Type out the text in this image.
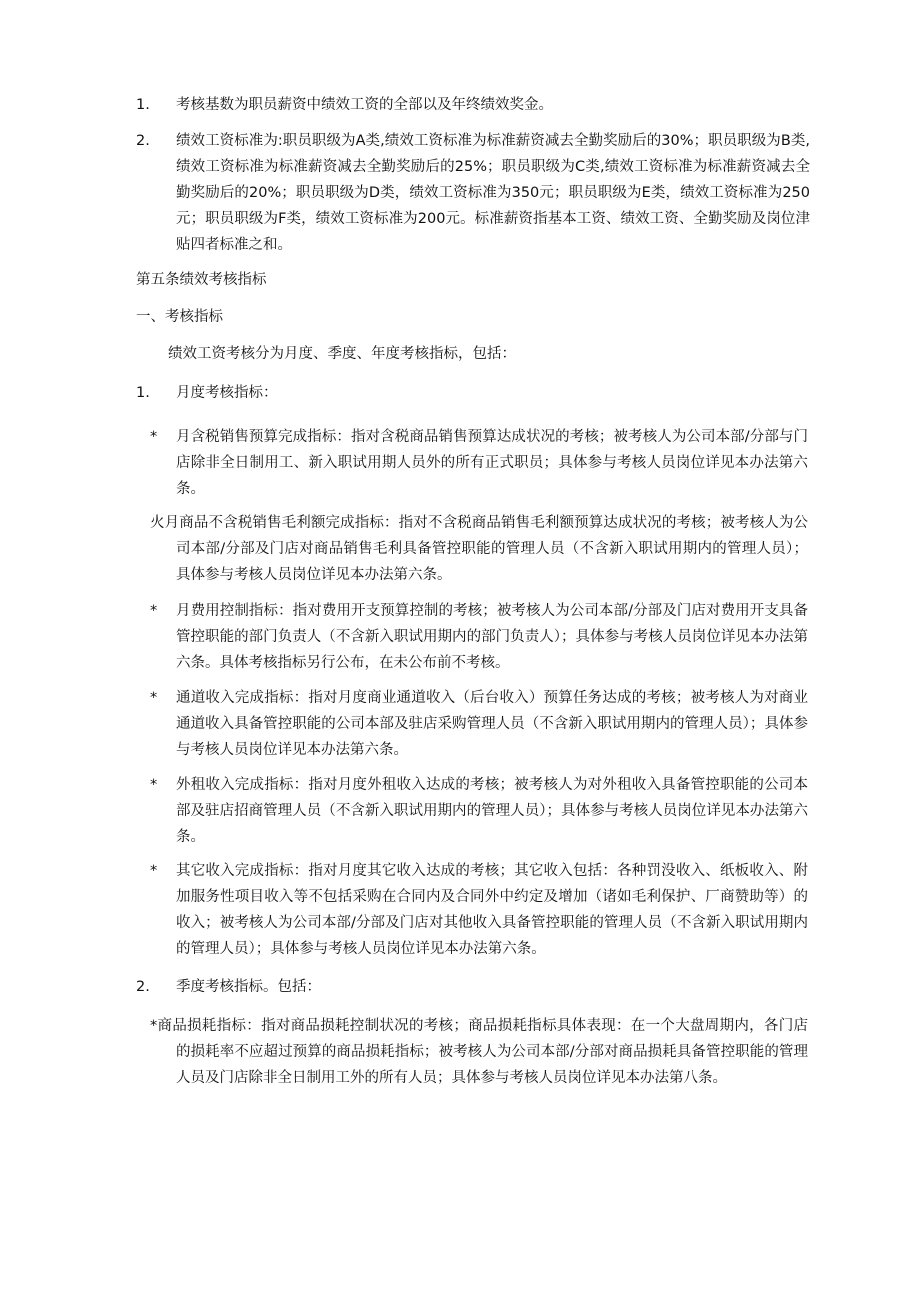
1. 考核基数为职员薪资中绩效工资的全部以及年终绩效奖金。
2. 绩效工资标准为:职员职级为A类,绩效工资标准为标准薪资减去全勤奖励后的30%；职员职级为B类,绩效工资标准为标准薪资减去全勤奖励后的25%；职员职级为C类,绩效工资标准为标准薪资减去全勤奖励后的20%；职员职级为D类，绩效工资标准为350元；职员职级为E类，绩效工资标准为250元；职员职级为F类，绩效工资标准为200元。标准薪资指基本工资、绩效工资、全勤奖励及岗位津贴四者标准之和。
第五条绩效考核指标
一、考核指标
绩效工资考核分为月度、季度、年度考核指标，包括：
1. 月度考核指标：
* 月含税销售预算完成指标：指对含税商品销售预算达成状况的考核；被考核人为公司本部/分部与门店除非全日制用工、新入职试用期人员外的所有正式职员；具体参与考核人员岗位详见本办法第六条。
火月商品不含税销售毛利额完成指标：指对不含税商品销售毛利额预算达成状况的考核；被考核人为公司本部/分部及门店对商品销售毛利具备管控职能的管理人员（不含新入职试用期内的管理人员）；具体参与考核人员岗位详见本办法第六条。
* 月费用控制指标：指对费用开支预算控制的考核；被考核人为公司本部/分部及门店对费用开支具备管控职能的部门负责人（不含新入职试用期内的部门负责人）；具体参与考核人员岗位详见本办法第六条。具体考核指标另行公布，在未公布前不考核。
* 通道收入完成指标：指对月度商业通道收入（后台收入）预算任务达成的考核；被考核人为对商业通道收入具备管控职能的公司本部及驻店采购管理人员（不含新入职试用期内的管理人员）；具体参与考核人员岗位详见本办法第六条。
* 外租收入完成指标：指对月度外租收入达成的考核；被考核人为对外租收入具备管控职能的公司本部及驻店招商管理人员（不含新入职试用期内的管理人员）；具体参与考核人员岗位详见本办法第六条。
* 其它收入完成指标：指对月度其它收入达成的考核；其它收入包括：各种罚没收入、纸板收入、附加服务性项目收入等不包括采购在合同内及合同外中约定及增加（诸如毛利保护、厂商赞助等）的收入；被考核人为公司本部/分部及门店对其他收入具备管控职能的管理人员（不含新入职试用期内的管理人员）；具体参与考核人员岗位详见本办法第六条。
2. 季度考核指标。包括：
*商品损耗指标：指对商品损耗控制状况的考核；商品损耗指标具体表现：在一个大盘周期内，各门店的损耗率不应超过预算的商品损耗指标；被考核人为公司本部/分部对商品损耗具备管控职能的管理人员及门店除非全日制用工外的所有人员；具体参与考核人员岗位详见本办法第八条。
